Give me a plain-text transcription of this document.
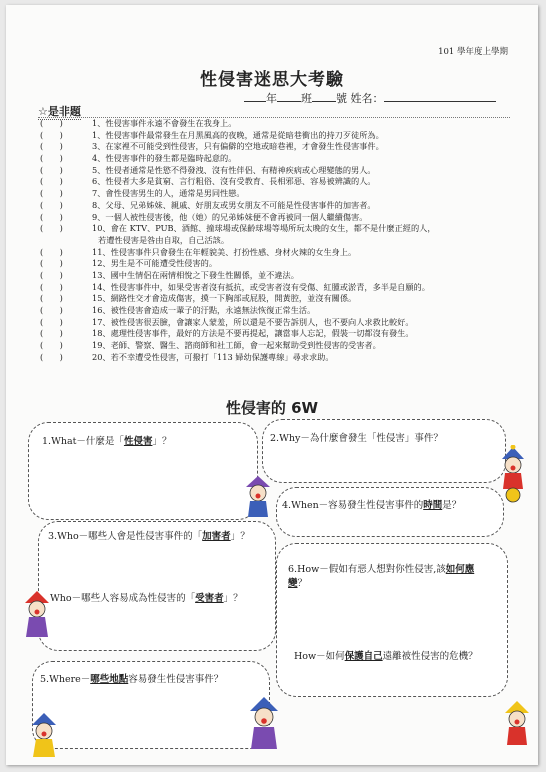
101 學年度上學期
性侵害迷思大考驗
年 班 號 姓名：
☆是非題
(　　)	1、性侵害事件永遠不會發生在我身上。
(　　)	1、性侵害事件最常發生在月黑風高的夜晚，通常是從暗巷衝出的持刀歹徒所為。
(　　)	3、在家裡不可能受到性侵害，只有偏僻的空地或暗巷裡，才會發生性侵害事件。
(　　)	4、性侵害事件的發生都是臨時起意的。
(　　)	5、性侵者通常是性慾不得發洩、沒有性伴侶、有精神疾病或心理變態的男人。
(　　)	6、性侵者大多是貧窮、言行粗俗、沒有受教育、長相邪惡、容易被辨識的人。
(　　)	7、會性侵害男生的人，通常是男同性戀。
(　　)	8、父母、兄弟姊妹、親戚、好朋友或男女朋友不可能是性侵害事件的加害者。
(　　)	9、一個人被性侵害後，他（她）的兄弟姊妹便不會再被同一個人繼續傷害。
(　　)	10、會在 KTV、PUB、酒館、撞球場或保齡球場等場所玩太晚的女生，都不是什麼正經的人，
若遭性侵害是咎由自取，自己活該。
(　　)	11、性侵害事件只會發生在年輕貌美、打扮性感、身材火辣的女生身上。
(　　)	12、男生是不可能遭受性侵害的。
(　　)	13、國中生情侶在兩情相悅之下發生性關係，並不違法。
(　　)	14、性侵害事件中，如果受害者沒有抵抗，或受害者沒有受傷、紅腫或淤青，多半是自願的。
(　　)	15、網路性交才會造成傷害，摸一下胸部或屁股，開黃腔，並沒有關係。
(　　)	16、被性侵害會造成一輩子的汙點，永遠無法恢復正常生活。
(　　)	17、被性侵害很丟臉，會讓家人蒙羞，所以還是不要告訴別人，也不要向人求救比較好。
(　　)	18、處理性侵害事件，最好的方法是不要再提起，讓當事人忘記，假裝一切都沒有發生。
(　　)	19、老師、警察、醫生、諮商師和社工師，會一起來幫助受到性侵害的受害者。
(　　)	20、若不幸遭受性侵害，可撥打「113 婦幼保護專線」尋求求助。
性侵害的 6W
1.What－什麼是「性侵害」？	2.Why－為什麼會發生「性侵害」事件？
4.When－容易發生性侵害事件的時間是？
3.Who－哪些人會是性侵害事件的「加害者」？
Who－哪些人容易成為性侵害的「受害者」？
6.How－假如有惡人想對你性侵害,該如何應
變？
How－如何保護自己遠離被性侵害的危機？
5.Where－哪些地點容易發生性侵害事件？
